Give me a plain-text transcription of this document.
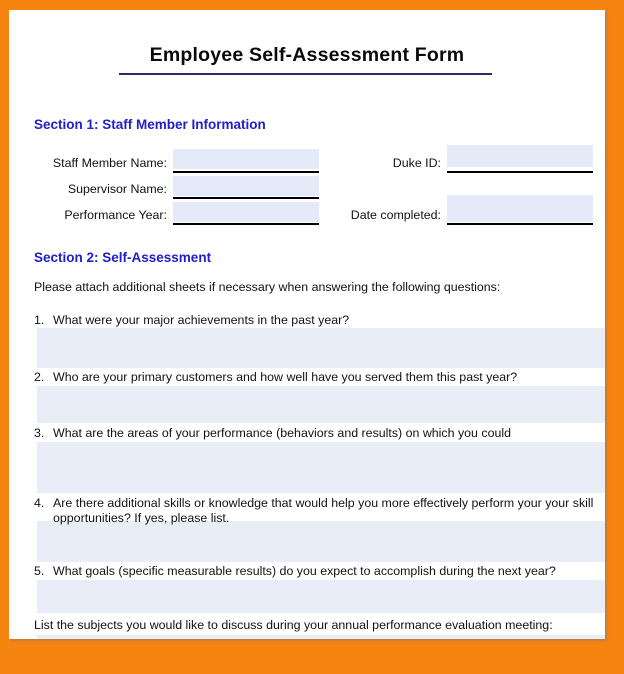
Employee Self-Assessment Form
Section 1: Staff Member Information
Staff Member Name:
Supervisor Name:
Performance Year:
Duke ID:
Date completed:
Section 2: Self-Assessment
Please attach additional sheets if necessary when answering the following questions:
1. What were your major achievements in the past year?
2. Who are your primary customers and how well have you served them this past year?
3. What are the areas of your performance (behaviors and results) on which you could
4. Are there additional skills or knowledge that would help you more effectively perform your your skill opportunities? If yes, please list.
5. What goals (specific measurable results) do you expect to accomplish during the next year?
List the subjects you would like to discuss during your annual performance evaluation meeting:
